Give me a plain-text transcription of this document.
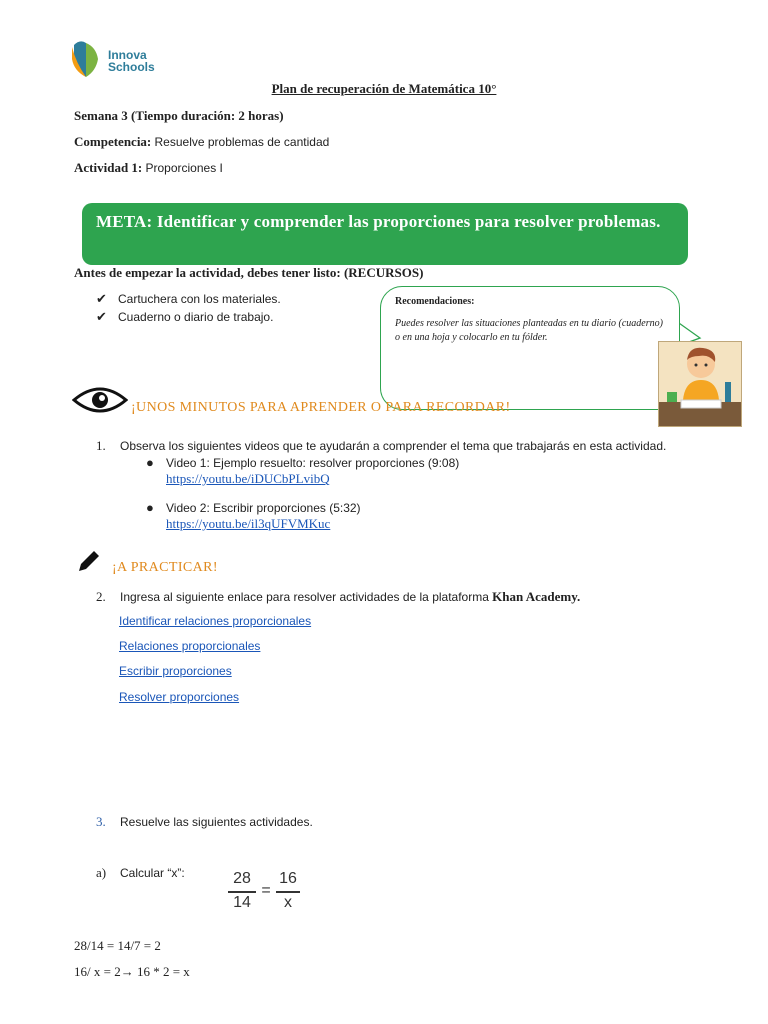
Innova
Schools
Plan de recuperación de Matemática 10°
Semana 3 (Tiempo duración: 2 horas)
Competencia: Resuelve problemas de cantidad
Actividad 1: Proporciones I
META: Identificar y comprender las proporciones para resolver problemas.
Antes de empezar la actividad, debes tener listo: (RECURSOS)
✔ Cartuchera con los materiales.
✔ Cuaderno o diario de trabajo.
Recomendaciones:
Puedes resolver las situaciones planteadas en tu diario (cuaderno) o en una hoja y colocarlo en tu fólder.
¡UNOS MINUTOS PARA APRENDER O PARA RECORDAR!
1. Observa los siguientes videos que te ayudarán a comprender el tema que trabajarás en esta actividad.
● Video 1: Ejemplo resuelto: resolver proporciones (9:08)
https://youtu.be/iDUCbPLvibQ
● Video 2: Escribir proporciones (5:32)
https://youtu.be/il3qUFVMKuc
¡A PRACTICAR!
2. Ingresa al siguiente enlace para resolver actividades de la plataforma Khan Academy.
Identificar relaciones proporcionales
Relaciones proporcionales
Escribir proporciones
Resolver proporciones
3. Resuelve las siguientes actividades.
a) Calcular “x”:	28
14
=
16
x
28/14 = 14/7 = 2
16/ x = 2→ 16 * 2 = x
